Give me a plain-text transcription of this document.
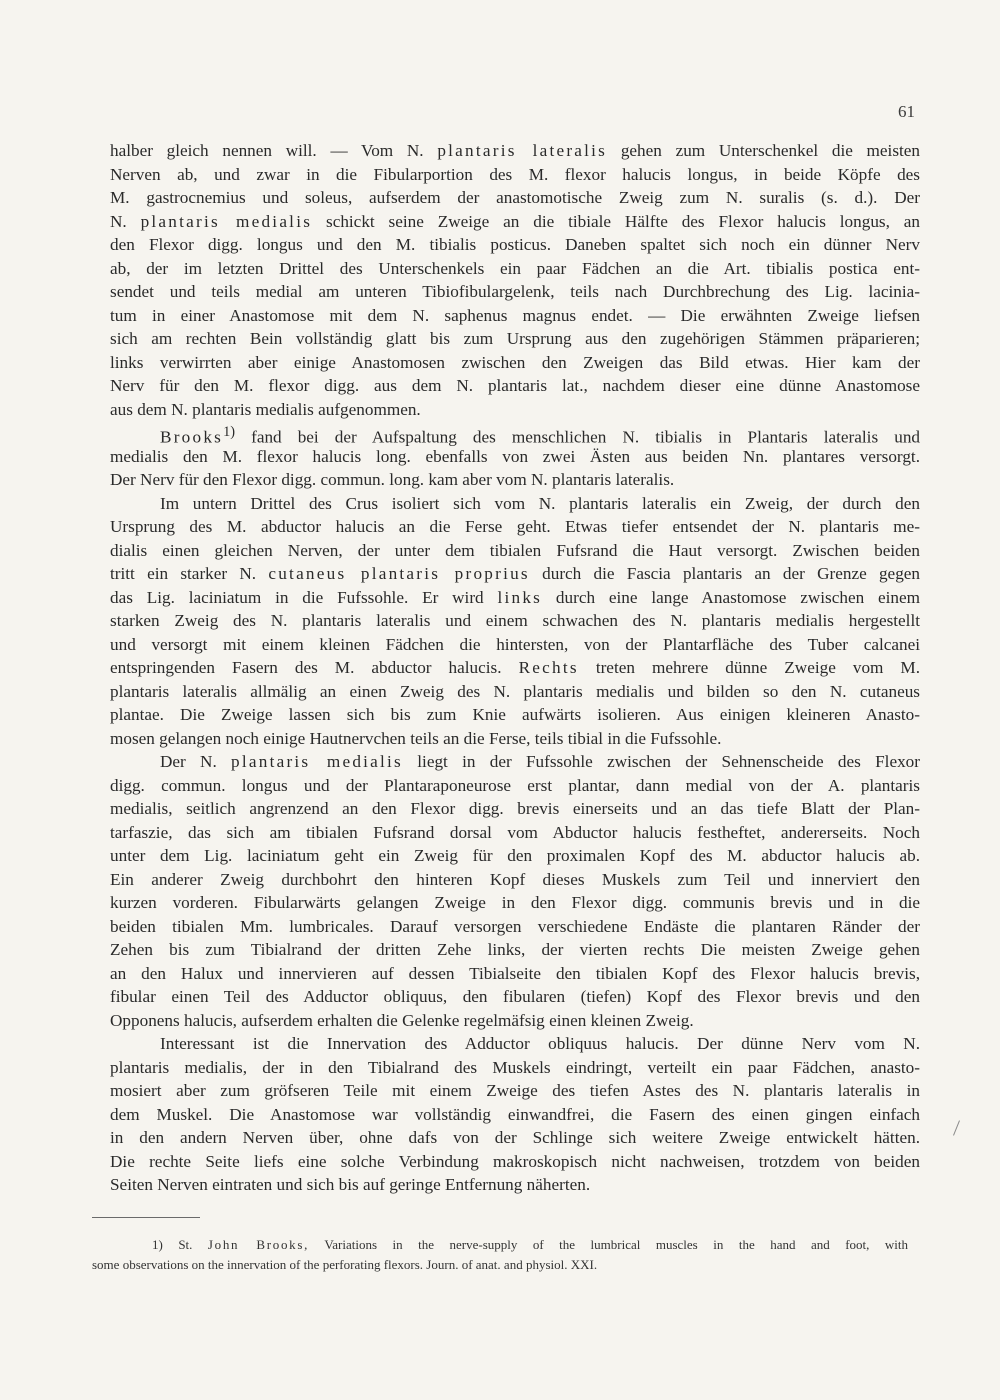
61
halber gleich nennen will. — Vom N. plantaris lateralis gehen zum Unterschenkel die meisten
Nerven ab, und zwar in die Fibularportion des M. flexor halucis longus, in beide Köpfe des
M. gastrocnemius und soleus, aufserdem der anastomotische Zweig zum N. suralis (s. d.). Der
N. plantaris medialis schickt seine Zweige an die tibiale Hälfte des Flexor halucis longus, an
den Flexor digg. longus und den M. tibialis posticus. Daneben spaltet sich noch ein dünner Nerv
ab, der im letzten Drittel des Unterschenkels ein paar Fädchen an die Art. tibialis postica ent-
sendet und teils medial am unteren Tibiofibulargelenk, teils nach Durchbrechung des Lig. lacinia-
tum in einer Anastomose mit dem N. saphenus magnus endet. — Die erwähnten Zweige liefsen
sich am rechten Bein vollständig glatt bis zum Ursprung aus den zugehörigen Stämmen präparieren;
links verwirrten aber einige Anastomosen zwischen den Zweigen das Bild etwas. Hier kam der
Nerv für den M. flexor digg. aus dem N. plantaris lat., nachdem dieser eine dünne Anastomose
aus dem N. plantaris medialis aufgenommen.
Brooks$^{1)}$ fand bei der Aufspaltung des menschlichen N. tibialis in Plantaris lateralis und
medialis den M. flexor halucis long. ebenfalls von zwei Ästen aus beiden Nn. plantares versorgt.
Der Nerv für den Flexor digg. commun. long. kam aber vom N. plantaris lateralis.
Im untern Drittel des Crus isoliert sich vom N. plantaris lateralis ein Zweig, der durch den
Ursprung des M. abductor halucis an die Ferse geht. Etwas tiefer entsendet der N. plantaris me-
dialis einen gleichen Nerven, der unter dem tibialen Fufsrand die Haut versorgt. Zwischen beiden
tritt ein starker N. cutaneus plantaris proprius durch die Fascia plantaris an der Grenze gegen
das Lig. laciniatum in die Fufssohle. Er wird links durch eine lange Anastomose zwischen einem
starken Zweig des N. plantaris lateralis und einem schwachen des N. plantaris medialis hergestellt
und versorgt mit einem kleinen Fädchen die hintersten, von der Plantarfläche des Tuber calcanei
entspringenden Fasern des M. abductor halucis. Rechts treten mehrere dünne Zweige vom M.
plantaris lateralis allmälig an einen Zweig des N. plantaris medialis und bilden so den N. cutaneus
plantae. Die Zweige lassen sich bis zum Knie aufwärts isolieren. Aus einigen kleineren Anasto-
mosen gelangen noch einige Hautnervchen teils an die Ferse, teils tibial in die Fufssohle.
Der N. plantaris medialis liegt in der Fufssohle zwischen der Sehnenscheide des Flexor
digg. commun. longus und der Plantaraponeurose erst plantar, dann medial von der A. plantaris
medialis, seitlich angrenzend an den Flexor digg. brevis einerseits und an das tiefe Blatt der Plan-
tarfaszie, das sich am tibialen Fufsrand dorsal vom Abductor halucis festheftet, andererseits. Noch
unter dem Lig. laciniatum geht ein Zweig für den proximalen Kopf des M. abductor halucis ab.
Ein anderer Zweig durchbohrt den hinteren Kopf dieses Muskels zum Teil und innerviert den
kurzen vorderen. Fibularwärts gelangen Zweige in den Flexor digg. communis brevis und in die
beiden tibialen Mm. lumbricales. Darauf versorgen verschiedene Endäste die plantaren Ränder der
Zehen bis zum Tibialrand der dritten Zehe links, der vierten rechts Die meisten Zweige gehen
an den Halux und innervieren auf dessen Tibialseite den tibialen Kopf des Flexor halucis brevis,
fibular einen Teil des Adductor obliquus, den fibularen (tiefen) Kopf des Flexor brevis und den
Opponens halucis, aufserdem erhalten die Gelenke regelmäfsig einen kleinen Zweig.
Interessant ist die Innervation des Adductor obliquus halucis. Der dünne Nerv vom N.
plantaris medialis, der in den Tibialrand des Muskels eindringt, verteilt ein paar Fädchen, anasto-
mosiert aber zum gröfseren Teile mit einem Zweige des tiefen Astes des N. plantaris lateralis in
dem Muskel. Die Anastomose war vollständig einwandfrei, die Fasern des einen gingen einfach
in den andern Nerven über, ohne dafs von der Schlinge sich weitere Zweige entwickelt hätten.
Die rechte Seite liefs eine solche Verbindung makroskopisch nicht nachweisen, trotzdem von beiden
Seiten Nerven eintraten und sich bis auf geringe Entfernung näherten.
1) St. John Brooks, Variations in the nerve-supply of the lumbrical muscles in the hand and foot, with
some observations on the innervation of the perforating flexors. Journ. of anat. and physiol. XXI.
